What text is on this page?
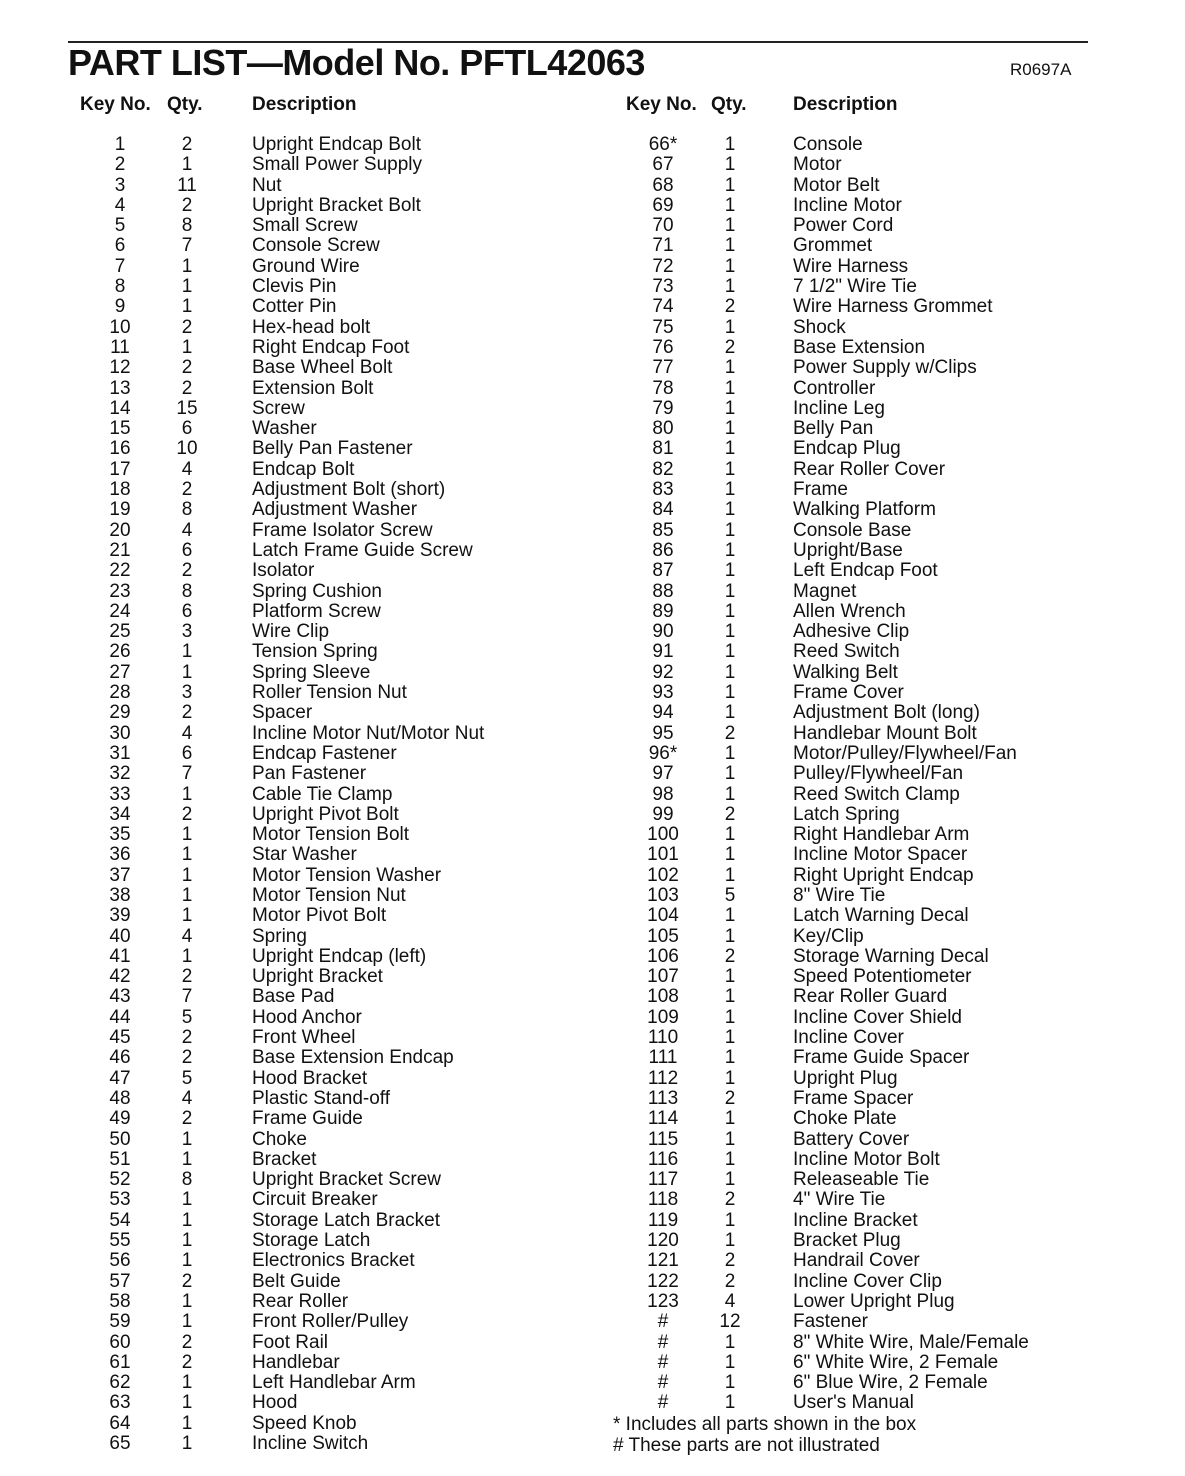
PART LIST—Model No. PFTL42063	R0697A
Key No. Qty.	Description	Key No. Qty. Description
1	2	Upright Endcap Bolt
2	1	Small Power Supply
3	11	Nut
4	2	Upright Bracket Bolt
5	8	Small Screw
6	7	Console Screw
7	1	Ground Wire
8	1	Clevis Pin
9	1	Cotter Pin
10	2	Hex-head bolt
11	1	Right Endcap Foot
12	2	Base Wheel Bolt
13	2	Extension Bolt
14	15	Screw
15	6	Washer
16	10	Belly Pan Fastener
17	4	Endcap Bolt
18	2	Adjustment Bolt (short)
19	8	Adjustment Washer
20	4	Frame Isolator Screw
21	6	Latch Frame Guide Screw
22	2	Isolator
23	8	Spring Cushion
24	6	Platform Screw
25	3	Wire Clip
26	1	Tension Spring
27	1	Spring Sleeve
28	3	Roller Tension Nut
29	2	Spacer
30	4	Incline Motor Nut/Motor Nut
31	6	Endcap Fastener
32	7	Pan Fastener
33	1	Cable Tie Clamp
34	2	Upright Pivot Bolt
35	1	Motor Tension Bolt
36	1	Star Washer
37	1	Motor Tension Washer
38	1	Motor Tension Nut
39	1	Motor Pivot Bolt
40	4	Spring
41	1	Upright Endcap (left)
42	2	Upright Bracket
43	7	Base Pad
44	5	Hood Anchor
45	2	Front Wheel
46	2	Base Extension Endcap
47	5	Hood Bracket
48	4	Plastic Stand-off
49	2	Frame Guide
50	1	Choke
51	1	Bracket
52	8	Upright Bracket Screw
53	1	Circuit Breaker
54	1	Storage Latch Bracket
55	1	Storage Latch
56	1	Electronics Bracket
57	2	Belt Guide
58	1	Rear Roller
59	1	Front Roller/Pulley
60	2	Foot Rail
61	2	Handlebar
62	1	Left Handlebar Arm
63	1	Hood
64	1	Speed Knob
65	1	Incline Switch
66*	1	Console
67	1	Motor
68	1	Motor Belt
69	1	Incline Motor
70	1	Power Cord
71	1	Grommet
72	1	Wire Harness
73	1	7 1/2" Wire Tie
74	2	Wire Harness Grommet
75	1	Shock
76	2	Base Extension
77	1	Power Supply w/Clips
78	1	Controller
79	1	Incline Leg
80	1	Belly Pan
81	1	Endcap Plug
82	1	Rear Roller Cover
83	1	Frame
84	1	Walking Platform
85	1	Console Base
86	1	Upright/Base
87	1	Left Endcap Foot
88	1	Magnet
89	1	Allen Wrench
90	1	Adhesive Clip
91	1	Reed Switch
92	1	Walking Belt
93	1	Frame Cover
94	1	Adjustment Bolt (long)
95	2	Handlebar Mount Bolt
96*	1	Motor/Pulley/Flywheel/Fan
97	1	Pulley/Flywheel/Fan
98	1	Reed Switch Clamp
99	2	Latch Spring
100	1	Right Handlebar Arm
101	1	Incline Motor Spacer
102	1	Right Upright Endcap
103	5	8" Wire Tie
104	1	Latch Warning Decal
105	1	Key/Clip
106	2	Storage Warning Decal
107	1	Speed Potentiometer
108	1	Rear Roller Guard
109	1	Incline Cover Shield
110	1	Incline Cover
111	1	Frame Guide Spacer
112	1	Upright Plug
113	2	Frame Spacer
114	1	Choke Plate
115	1	Battery Cover
116	1	Incline Motor Bolt
117	1	Releaseable Tie
118	2	4" Wire Tie
119	1	Incline Bracket
120	1	Bracket Plug
121	2	Handrail Cover
122	2	Incline Cover Clip
123	4	Lower Upright Plug
#	12	Fastener
#	1	8" White Wire, Male/Female
#	1	6" White Wire, 2 Female
#	1	6" Blue Wire, 2 Female
#	1	User's Manual
* Includes all parts shown in the box
# These parts are not illustrated
